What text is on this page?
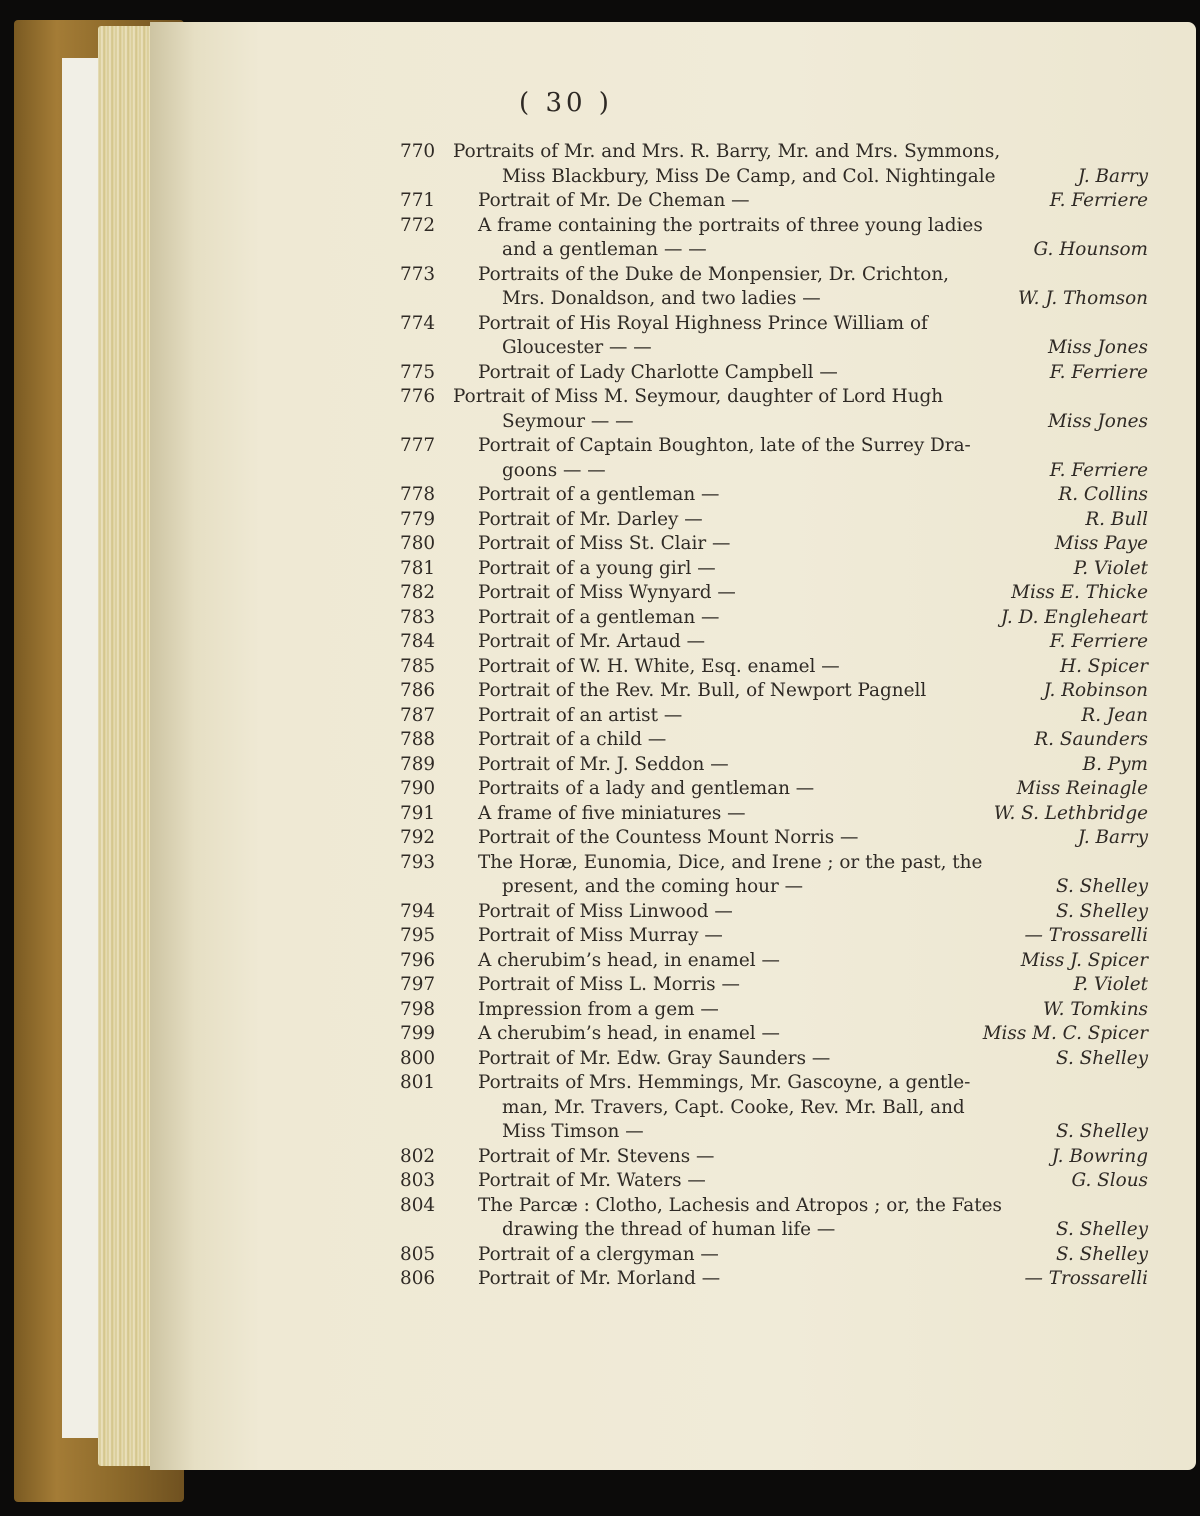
( 30 )
770 Portraits of Mr. and Mrs. R. Barry, Mr. and Mrs. Symmons,
Miss Blackbury, Miss De Camp, and Col. Nightingale	J. Barry
771 Portrait of Mr. De Cheman —	F. Ferriere
772 A frame containing the portraits of three young ladies
and a gentleman — —	G. Hounsom
773 Portraits of the Duke de Monpensier, Dr. Crichton,
Mrs. Donaldson, and two ladies —	W. J. Thomson
774 Portrait of His Royal Highness Prince William of
Gloucester — —	Miss Jones
775 Portrait of Lady Charlotte Campbell —	F. Ferriere
776 Portrait of Miss M. Seymour, daughter of Lord Hugh
Seymour — —	Miss Jones
777 Portrait of Captain Boughton, late of the Surrey Dra-
goons — —	F. Ferriere
778 Portrait of a gentleman —	R. Collins
779 Portrait of Mr. Darley —	R. Bull
780 Portrait of Miss St. Clair —	Miss Paye
781 Portrait of a young girl —	P. Violet
782 Portrait of Miss Wynyard —	Miss E. Thicke
783 Portrait of a gentleman —	J. D. Engleheart
784 Portrait of Mr. Artaud —	F. Ferriere
785 Portrait of W. H. White, Esq. enamel —	H. Spicer
786 Portrait of the Rev. Mr. Bull, of Newport Pagnell	J. Robinson
787 Portrait of an artist —	R. Jean
788 Portrait of a child —	R. Saunders
789 Portrait of Mr. J. Seddon —	B. Pym
790 Portraits of a lady and gentleman —	Miss Reinagle
791 A frame of five miniatures —	W. S. Lethbridge
792 Portrait of the Countess Mount Norris —	J. Barry
793 The Horæ, Eunomia, Dice, and Irene ; or the past, the
present, and the coming hour —	S. Shelley
794 Portrait of Miss Linwood —	S. Shelley
795 Portrait of Miss Murray —	— Trossarelli
796 A cherubim’s head, in enamel —	Miss J. Spicer
797 Portrait of Miss L. Morris —	P. Violet
798 Impression from a gem —	W. Tomkins
799 A cherubim’s head, in enamel —	Miss M. C. Spicer
800 Portrait of Mr. Edw. Gray Saunders —	S. Shelley
801 Portraits of Mrs. Hemmings, Mr. Gascoyne, a gentle-
man, Mr. Travers, Capt. Cooke, Rev. Mr. Ball, and
Miss Timson —	S. Shelley
802 Portrait of Mr. Stevens —	J. Bowring
803 Portrait of Mr. Waters —	G. Slous
804 The Parcæ : Clotho, Lachesis and Atropos ; or, the Fates
drawing the thread of human life —	S. Shelley
805 Portrait of a clergyman —	S. Shelley
806 Portrait of Mr. Morland —	— Trossarelli
